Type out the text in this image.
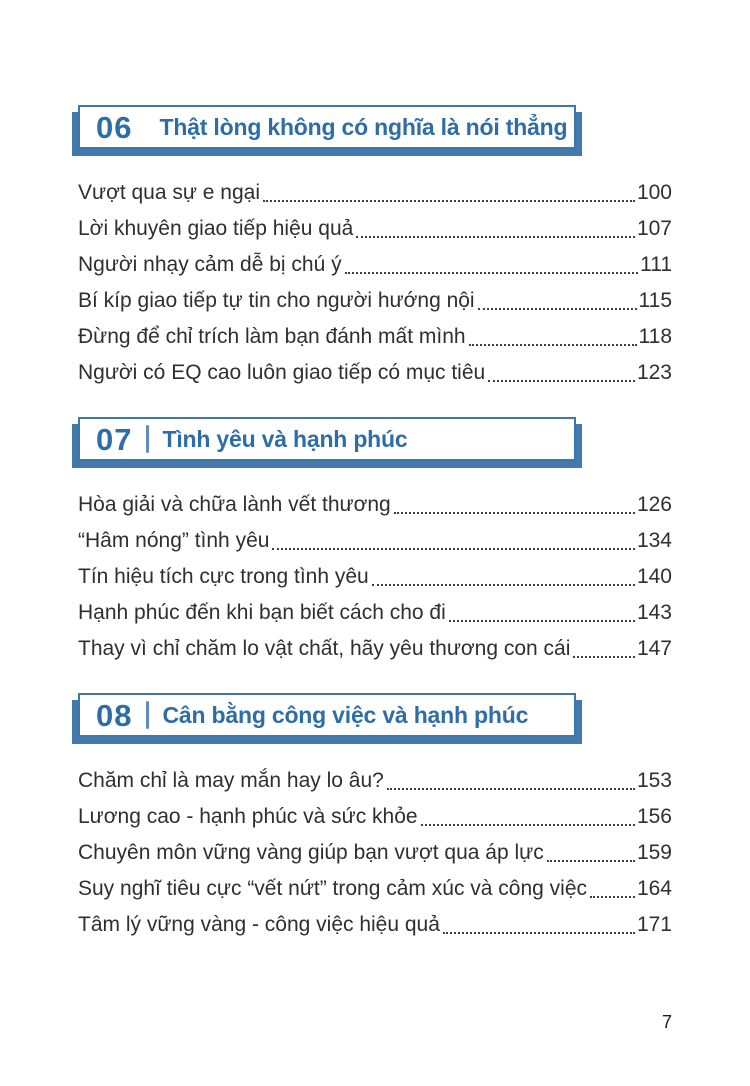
06 Thật lòng không có nghĩa là nói thẳng
Vượt qua sự e ngại	100
Lời khuyên giao tiếp hiệu quả	107
Người nhạy cảm dễ bị chú ý	111
Bí kíp giao tiếp tự tin cho người hướng nội	115
Đừng để chỉ trích làm bạn đánh mất mình	118
Người có EQ cao luôn giao tiếp có mục tiêu	123
07 Tình yêu và hạnh phúc
Hòa giải và chữa lành vết thương	126
“Hâm nóng” tình yêu	134
Tín hiệu tích cực trong tình yêu	140
Hạnh phúc đến khi bạn biết cách cho đi	143
Thay vì chỉ chăm lo vật chất, hãy yêu thương con cái	147
08 Cân bằng công việc và hạnh phúc
Chăm chỉ là may mắn hay lo âu?	153
Lương cao - hạnh phúc và sức khỏe	156
Chuyên môn vững vàng giúp bạn vượt qua áp lực	159
Suy nghĩ tiêu cực “vết nứt” trong cảm xúc và công việc 164
Tâm lý vững vàng - công việc hiệu quả	171
7
